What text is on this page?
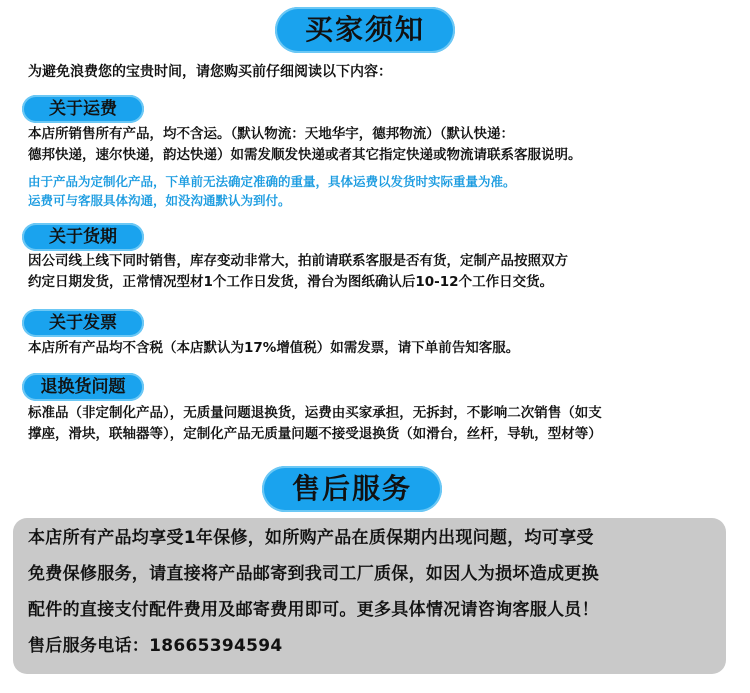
买家须知
为避免浪费您的宝贵时间，请您购买前仔细阅读以下内容：
关于运费
本店所销售所有产品，均不含运。（默认物流：天地华宇，德邦物流）（默认快递：
德邦快递，速尔快递，韵达快递）如需发顺发快递或者其它指定快递或物流请联系客服说明。
由于产品为定制化产品，下单前无法确定准确的重量，具体运费以发货时实际重量为准。
运费可与客服具体沟通，如没沟通默认为到付。
关于货期
因公司线上线下同时销售，库存变动非常大，拍前请联系客服是否有货，定制产品按照双方
约定日期发货，正常情况型材1个工作日发货，滑台为图纸确认后10-12个工作日交货。
关于发票
本店所有产品均不含税（本店默认为17%增值税）如需发票，请下单前告知客服。
退换货问题
标准品（非定制化产品），无质量问题退换货，运费由买家承担，无拆封，不影响二次销售（如支
撑座，滑块，联轴器等），定制化产品无质量问题不接受退换货（如滑台，丝杆，导轨，型材等）
售后服务
本店所有产品均享受1年保修，如所购产品在质保期内出现问题，均可享受
免费保修服务，请直接将产品邮寄到我司工厂质保，如因人为损坏造成更换
配件的直接支付配件费用及邮寄费用即可。更多具体情况请咨询客服人员！
售后服务电话：18665394594
